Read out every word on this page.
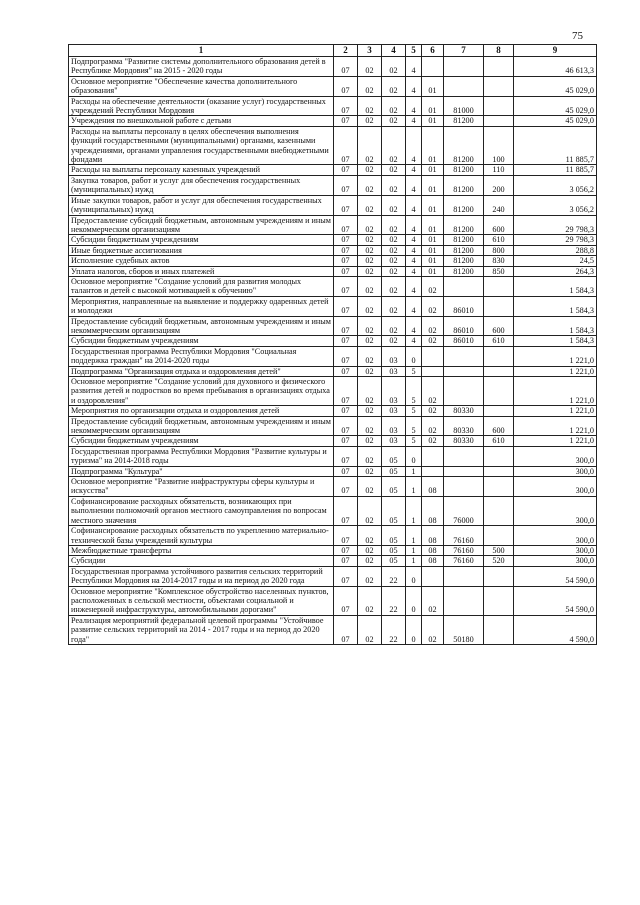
75
1	2	3	4	5	6	7	8	9
Подпрограмма "Развитие системы дополнительного образования детей в Республике Мордовия" на 2015 - 2020 годы	07	02	02	4				46 613,3
Основное мероприятие "Обеспечение качества дополнительного образования"	07	02	02	4	01			45 029,0
Расходы на обеспечение деятельности (оказание услуг) государственных учреждений Республики Мордовия	07	02	02	4	01	81000		45 029,0
Учреждения по внешкольной работе с детьми	07	02	02	4	01	81200		45 029,0
Расходы на выплаты персоналу в целях обеспечения выполнения функций государственными (муниципальными) органами, казенными учреждениями, органами управления государственными внебюджетными фондами	07	02	02	4	01	81200	100	11 885,7
Расходы на выплаты персоналу казенных учреждений	07	02	02	4	01	81200	110	11 885,7
Закупка товаров, работ и услуг для обеспечения государственных (муниципальных) нужд	07	02	02	4	01	81200	200	3 056,2
Иные закупки товаров, работ и услуг для обеспечения государственных (муниципальных) нужд	07	02	02	4	01	81200	240	3 056,2
Предоставление субсидий бюджетным, автономным учреждениям и иным некоммерческим организациям	07	02	02	4	01	81200	600	29 798,3
Субсидии бюджетным учреждениям	07	02	02	4	01	81200	610	29 798,3
Иные бюджетные ассигнования	07	02	02	4	01	81200	800	288,8
Исполнение судебных актов	07	02	02	4	01	81200	830	24,5
Уплата налогов, сборов и иных платежей	07	02	02	4	01	81200	850	264,3
Основное мероприятие "Создание условий для развития молодых талантов и детей с высокой мотивацией к обучению"	07	02	02	4	02			1 584,3
Мероприятия, направленные на выявление и поддержку одаренных детей и молодежи	07	02	02	4	02	86010		1 584,3
Предоставление субсидий бюджетным, автономным учреждениям и иным некоммерческим организациям	07	02	02	4	02	86010	600	1 584,3
Субсидии бюджетным учреждениям	07	02	02	4	02	86010	610	1 584,3
Государственная программа Республики Мордовия "Социальная поддержка граждан" на 2014-2020 годы	07	02	03	0				1 221,0
Подпрограмма "Организация отдыха и оздоровления детей"	07	02	03	5				1 221,0
Основное мероприятие "Создание условий для духовного и физического развития детей и подростков во время пребывания в организациях отдыха и оздоровления"	07	02	03	5	02			1 221,0
Мероприятия по организации отдыха и оздоровления детей	07	02	03	5	02	80330		1 221,0
Предоставление субсидий бюджетным, автономным учреждениям и иным некоммерческим организациям	07	02	03	5	02	80330	600	1 221,0
Субсидии бюджетным учреждениям	07	02	03	5	02	80330	610	1 221,0
Государственная программа Республики Мордовия "Развитие культуры и туризма" на 2014-2018 годы	07	02	05	0				300,0
Подпрограмма "Культура"	07	02	05	1				300,0
Основное мероприятие "Развитие инфраструктуры сферы культуры и искусства"	07	02	05	1	08			300,0
Софинансирование расходных обязательств, возникающих при выполнении полномочий органов местного самоуправления по вопросам местного значения	07	02	05	1	08	76000		300,0
Софинансирование расходных обязательств по укреплению материально-технической базы учреждений культуры	07	02	05	1	08	76160		300,0
Межбюджетные трансферты	07	02	05	1	08	76160	500	300,0
Субсидии	07	02	05	1	08	76160	520	300,0
Государственная программа устойчивого развития сельских территорий Республики Мордовия на 2014-2017 годы и на период до 2020 года	07	02	22	0				54 590,0
Основное мероприятие "Комплексное обустройство населенных пунктов, расположенных в сельской местности, объектами социальной и инженерной инфраструктуры, автомобильными дорогами"	07	02	22	0	02			54 590,0
Реализация мероприятий федеральной целевой программы "Устойчивое развитие сельских территорий на 2014 - 2017 годы и на период до 2020 года"	07	02	22	0	02	50180		4 590,0
